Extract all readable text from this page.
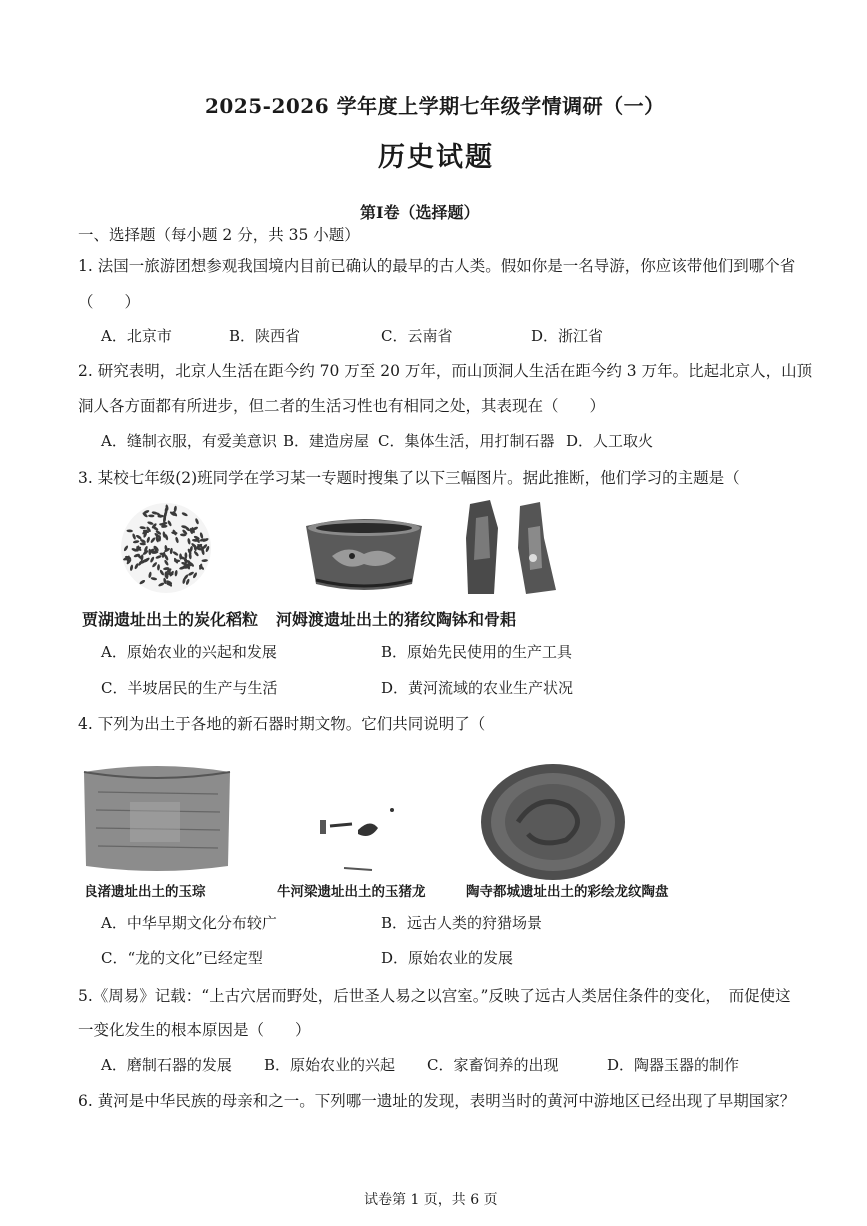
2025-2026 学年度上学期七年级学情调研（一）
历史试题
第Ⅰ卷（选择题）
一、选择题（每小题 2 分，共 35 小题）
1. 法国一旅游团想参观我国境内目前已确认的最早的古人类。假如你是一名导游，你应该带他们到哪个省
（　　）
A．北京市	B．陕西省	C．云南省	D．浙江省
2. 研究表明，北京人生活在距今约 70 万至 20 万年，而山顶洞人生活在距今约 3 万年。比起北京人，山顶
洞人各方面都有所进步，但二者的生活习性也有相同之处，其表现在（　　）
A．缝制衣服，有爱美意识 B．建造房屋 C．集体生活，用打制石器 D．人工取火
3. 某校七年级(2)班同学在学习某一专题时搜集了以下三幅图片。据此推断，他们学习的主题是（
贾湖遗址出土的炭化稻粒 河姆渡遗址出土的猪纹陶钵和骨耜
A．原始农业的兴起和发展	B．原始先民使用的生产工具
C．半坡居民的生产与生活	D．黄河流域的农业生产状况
4. 下列为出土于各地的新石器时期文物。它们共同说明了（
良渚遗址出土的玉琮	牛河梁遗址出土的玉猪龙	陶寺都城遗址出土的彩绘龙纹陶盘
A．中华早期文化分布较广	B．远古人类的狩猎场景
C．“龙的文化”已经定型	D．原始农业的发展
5.《周易》记载：“上古穴居而野处，后世圣人易之以宫室。”反映了远古人类居住条件的变化，　而促使这
一变化发生的根本原因是（　　）
A．磨制石器的发展 B．原始农业的兴起 C．家畜饲养的出现	D．陶器玉器的制作
6. 黄河是中华民族的母亲和之一。下列哪一遗址的发现，表明当时的黄河中游地区已经出现了早期国家？
试卷第 1 页，共 6 页
